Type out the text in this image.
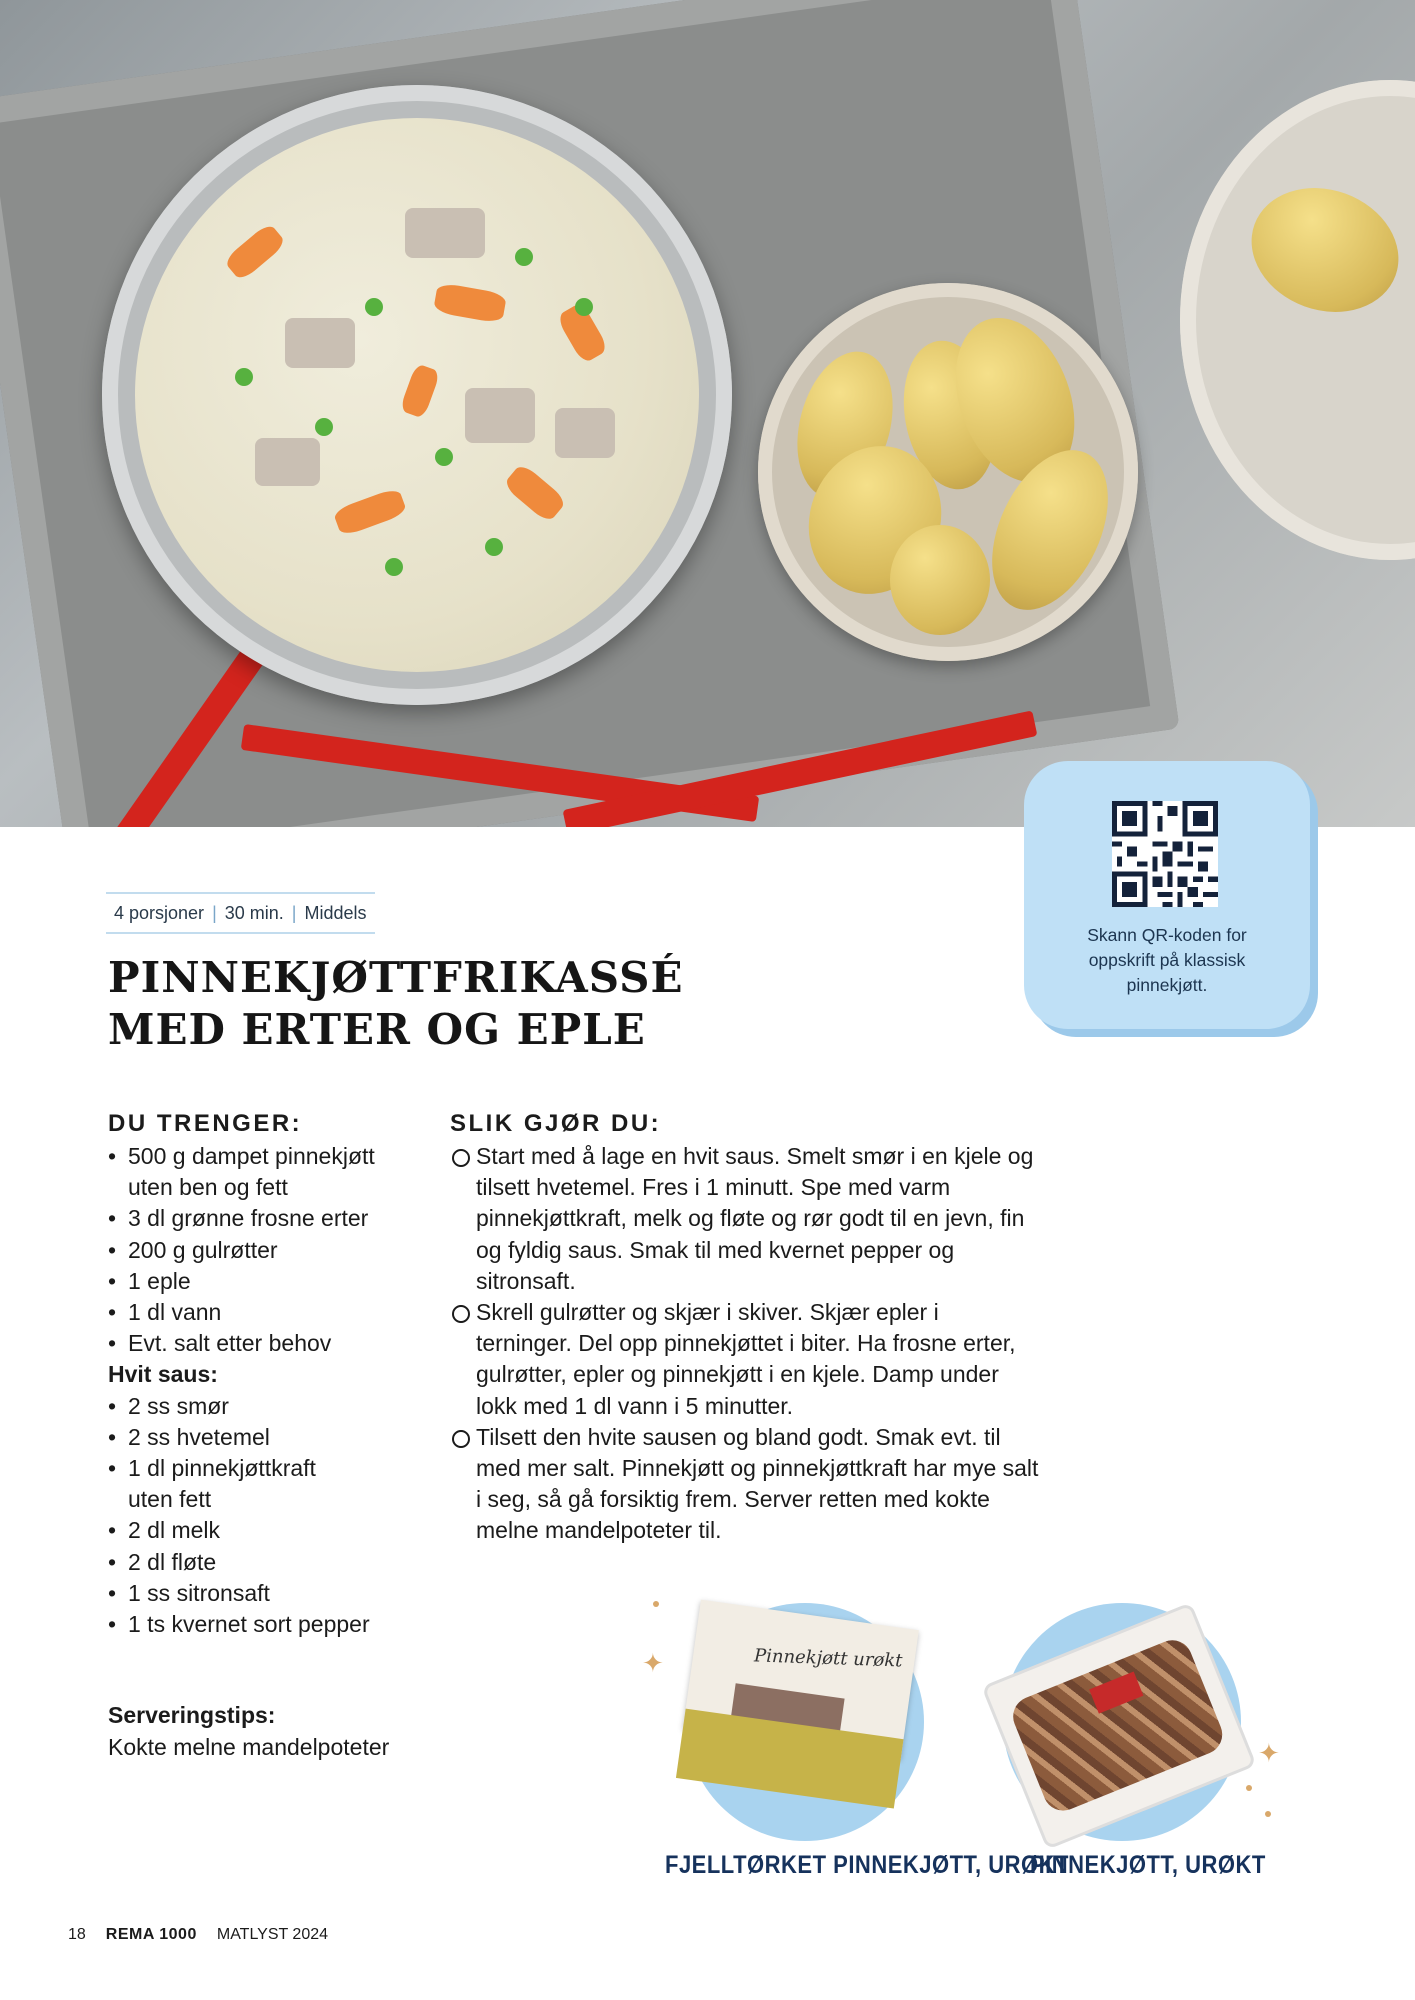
Skann QR-koden for
oppskrift på klassisk
pinnekjøtt.
4 porsjoner | 30 min. | Middels
PINNEKJØTTFRIKASSÉ
MED ERTER OG EPLE
DU TRENGER:
• 500 g dampet pinnekjøtt
uten ben og fett
• 3 dl grønne frosne erter
• 200 g gulrøtter
• 1 eple
• 1 dl vann
• Evt. salt etter behov
Hvit saus:
• 2 ss smør
• 2 ss hvetemel
• 1 dl pinnekjøttkraft
uten fett
• 2 dl melk
• 2 dl fløte
• 1 ss sitronsaft
• 1 ts kvernet sort pepper
SLIK GJØR DU:
Start med å lage en hvit saus. Smelt smør i en kjele og tilsett hvetemel. Fres i 1 minutt. Spe med varm pinnekjøttkraft, melk og fløte og rør godt til en jevn, fin og fyldig saus. Smak til med kvernet pepper og sitronsaft.
Skrell gulrøtter og skjær i skiver. Skjær epler i terninger. Del opp pinnekjøttet i biter. Ha frosne erter, gulrøtter, epler og pinnekjøtt i en kjele. Damp under lokk med 1 dl vann i 5 minutter.
Tilsett den hvite sausen og bland godt. Smak evt. til med mer salt. Pinnekjøtt og pinnekjøttkraft har mye salt i seg, så gå forsiktig frem. Server retten med kokte melne mandelpoteter til.
Serveringstips:
Kokte melne mandelpoteter
Pinnekjøtt urøkt
FJELLTØRKET PINNEKJØTT, URØKT
PINNEKJØTT, URØKT
✦
✦
18 REMA 1000 MATLYST 2024
